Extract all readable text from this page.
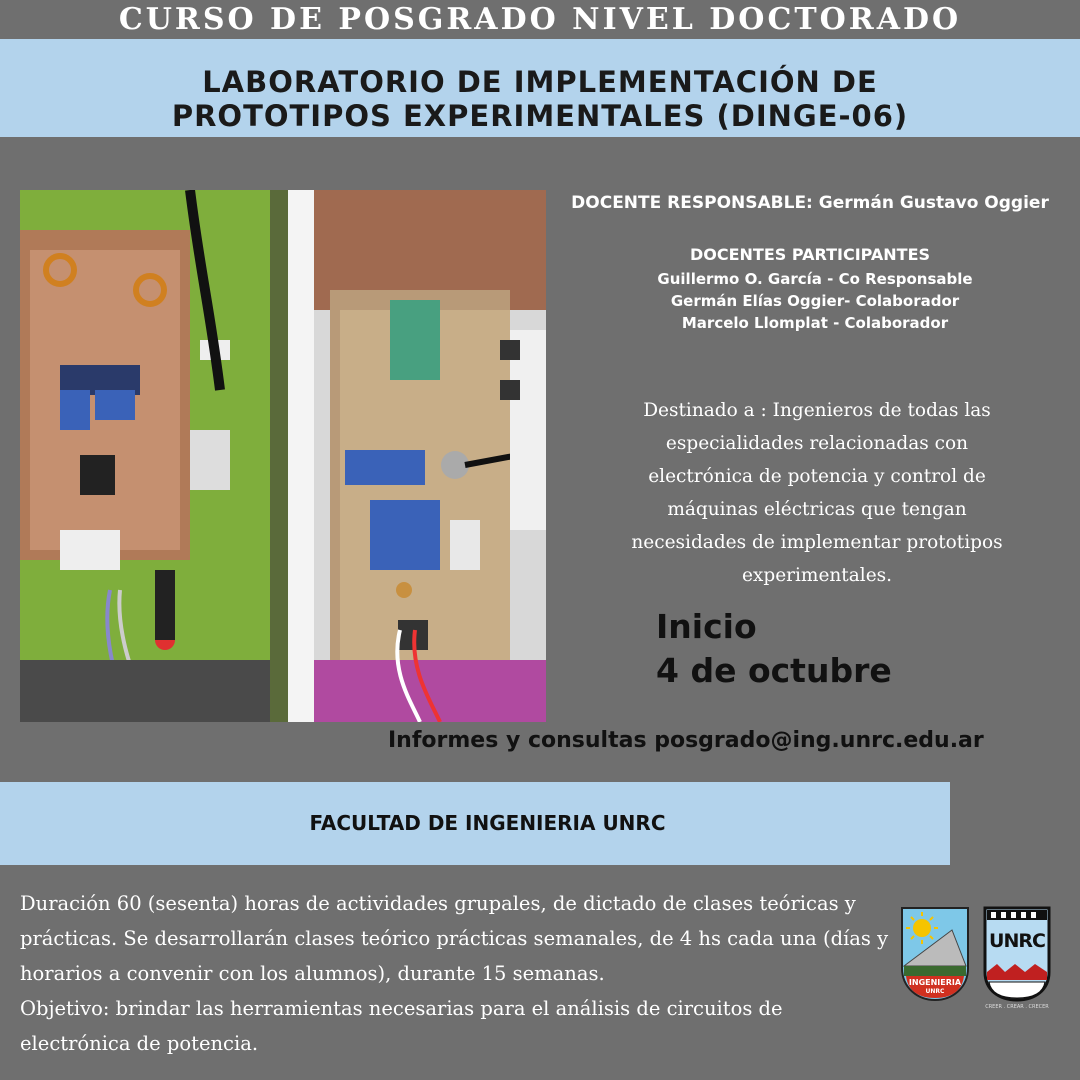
CURSO DE POSGRADO NIVEL DOCTORADO
LABORATORIO DE IMPLEMENTACIÓN DE
PROTOTIPOS EXPERIMENTALES (DINGE-06)
DOCENTE RESPONSABLE: Germán Gustavo Oggier
DOCENTES PARTICIPANTES
Guillermo O. García - Co Responsable
Germán Elías Oggier- Colaborador
Marcelo Llomplat - Colaborador
Destinado a : Ingenieros de todas las especialidades relacionadas con electrónica de potencia y control de máquinas eléctricas que tengan necesidades de implementar prototipos experimentales.
Inicio
4 de octubre
Informes y consultas posgrado@ing.unrc.edu.ar
FACULTAD DE INGENIERIA UNRC
Duración 60 (sesenta) horas de actividades grupales, de dictado de clases teóricas y prácticas. Se desarrollarán clases teórico prácticas semanales, de 4 hs cada una (días y horarios a convenir con los alumnos), durante 15 semanas.
Objetivo: brindar las herramientas necesarias para el análisis de circuitos de electrónica de potencia.
INGENIERIA
UNRC
UNRC
CREER . CREAR . CRECER
